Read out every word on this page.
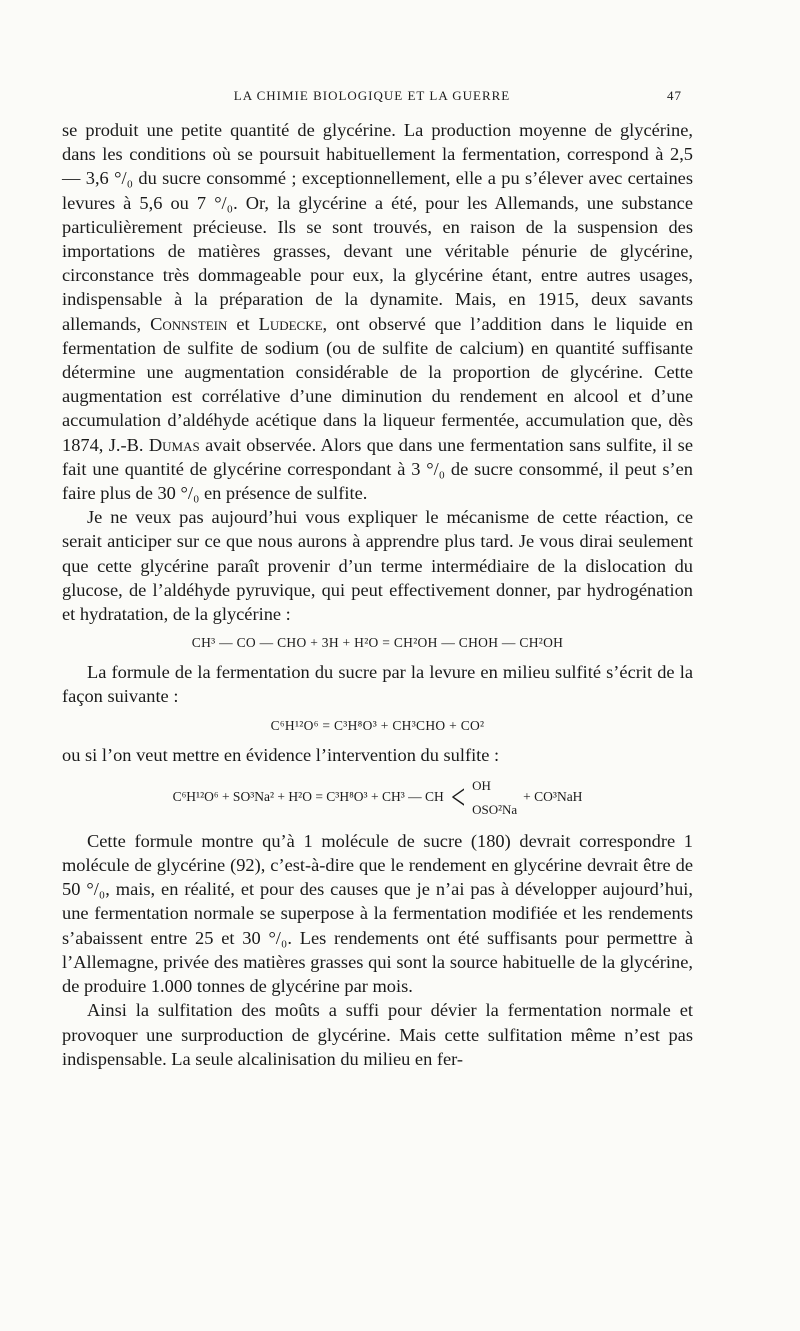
LA CHIMIE BIOLOGIQUE ET LA GUERRE	47

se produit une petite quantité de glycérine. La production moyenne de glycérine, dans les conditions où se poursuit habituellement la fermentation, correspond à 2,5 — 3,6 °/₀ du sucre consommé ; exceptionnellement, elle a pu s’élever avec certaines levures à 5,6 ou 7 °/₀. Or, la glycérine a été, pour les Allemands, une substance particulièrement précieuse. Ils se sont trouvés, en raison de la suspension des importations de matières grasses, devant une véritable pénurie de glycérine, circonstance très dommageable pour eux, la glycérine étant, entre autres usages, indispensable à la préparation de la dynamite. Mais, en 1915, deux savants allemands, Connstein et Ludecke, ont observé que l’addition dans le liquide en fermentation de sulfite de sodium (ou de sulfite de calcium) en quantité suffisante détermine une augmentation considérable de la proportion de glycérine. Cette augmentation est corrélative d’une diminution du rendement en alcool et d’une accumulation d’aldéhyde acétique dans la liqueur fermentée, accumulation que, dès 1874, J.-B. Dumas avait observée. Alors que dans une fermentation sans sulfite, il se fait une quantité de glycérine correspondant à 3 °/₀ de sucre consommé, il peut s’en faire plus de 30 °/₀ en présence de sulfite.

Je ne veux pas aujourd’hui vous expliquer le mécanisme de cette réaction, ce serait anticiper sur ce que nous aurons à apprendre plus tard. Je vous dirai seulement que cette glycérine paraît provenir d’un terme intermédiaire de la dislocation du glucose, de l’aldéhyde pyruvique, qui peut effectivement donner, par hydrogénation et hydratation, de la glycérine :

CH³ — CO — CHO + 3H + H²O = CH²OH — CHOH — CH²OH

La formule de la fermentation du sucre par la levure en milieu sulfité s’écrit de la façon suivante :

C⁶H¹²O⁶ = C³H⁸O³ + CH³CHO + CO²

ou si l’on veut mettre en évidence l’intervention du sulfite :

C⁶H¹²O⁶ + SO³Na² + H²O = C³H⁸O³ + CH³ — CH < OH
OSO²Na
+ CO³NaH

Cette formule montre qu’à 1 molécule de sucre (180) devrait correspondre 1 molécule de glycérine (92), c’est-à-dire que le rendement en glycérine devrait être de 50 °/₀, mais, en réalité, et pour des causes que je n’ai pas à développer aujourd’hui, une fermentation normale se superpose à la fermentation modifiée et les rendements s’abaissent entre 25 et 30 °/₀. Les rendements ont été suffisants pour permettre à l’Allemagne, privée des matières grasses qui sont la source habituelle de la glycérine, de produire 1.000 tonnes de glycérine par mois.

Ainsi la sulfitation des moûts a suffi pour dévier la fermentation normale et provoquer une surproduction de glycérine. Mais cette sulfitation même n’est pas indispensable. La seule alcalinisation du milieu en fer-
